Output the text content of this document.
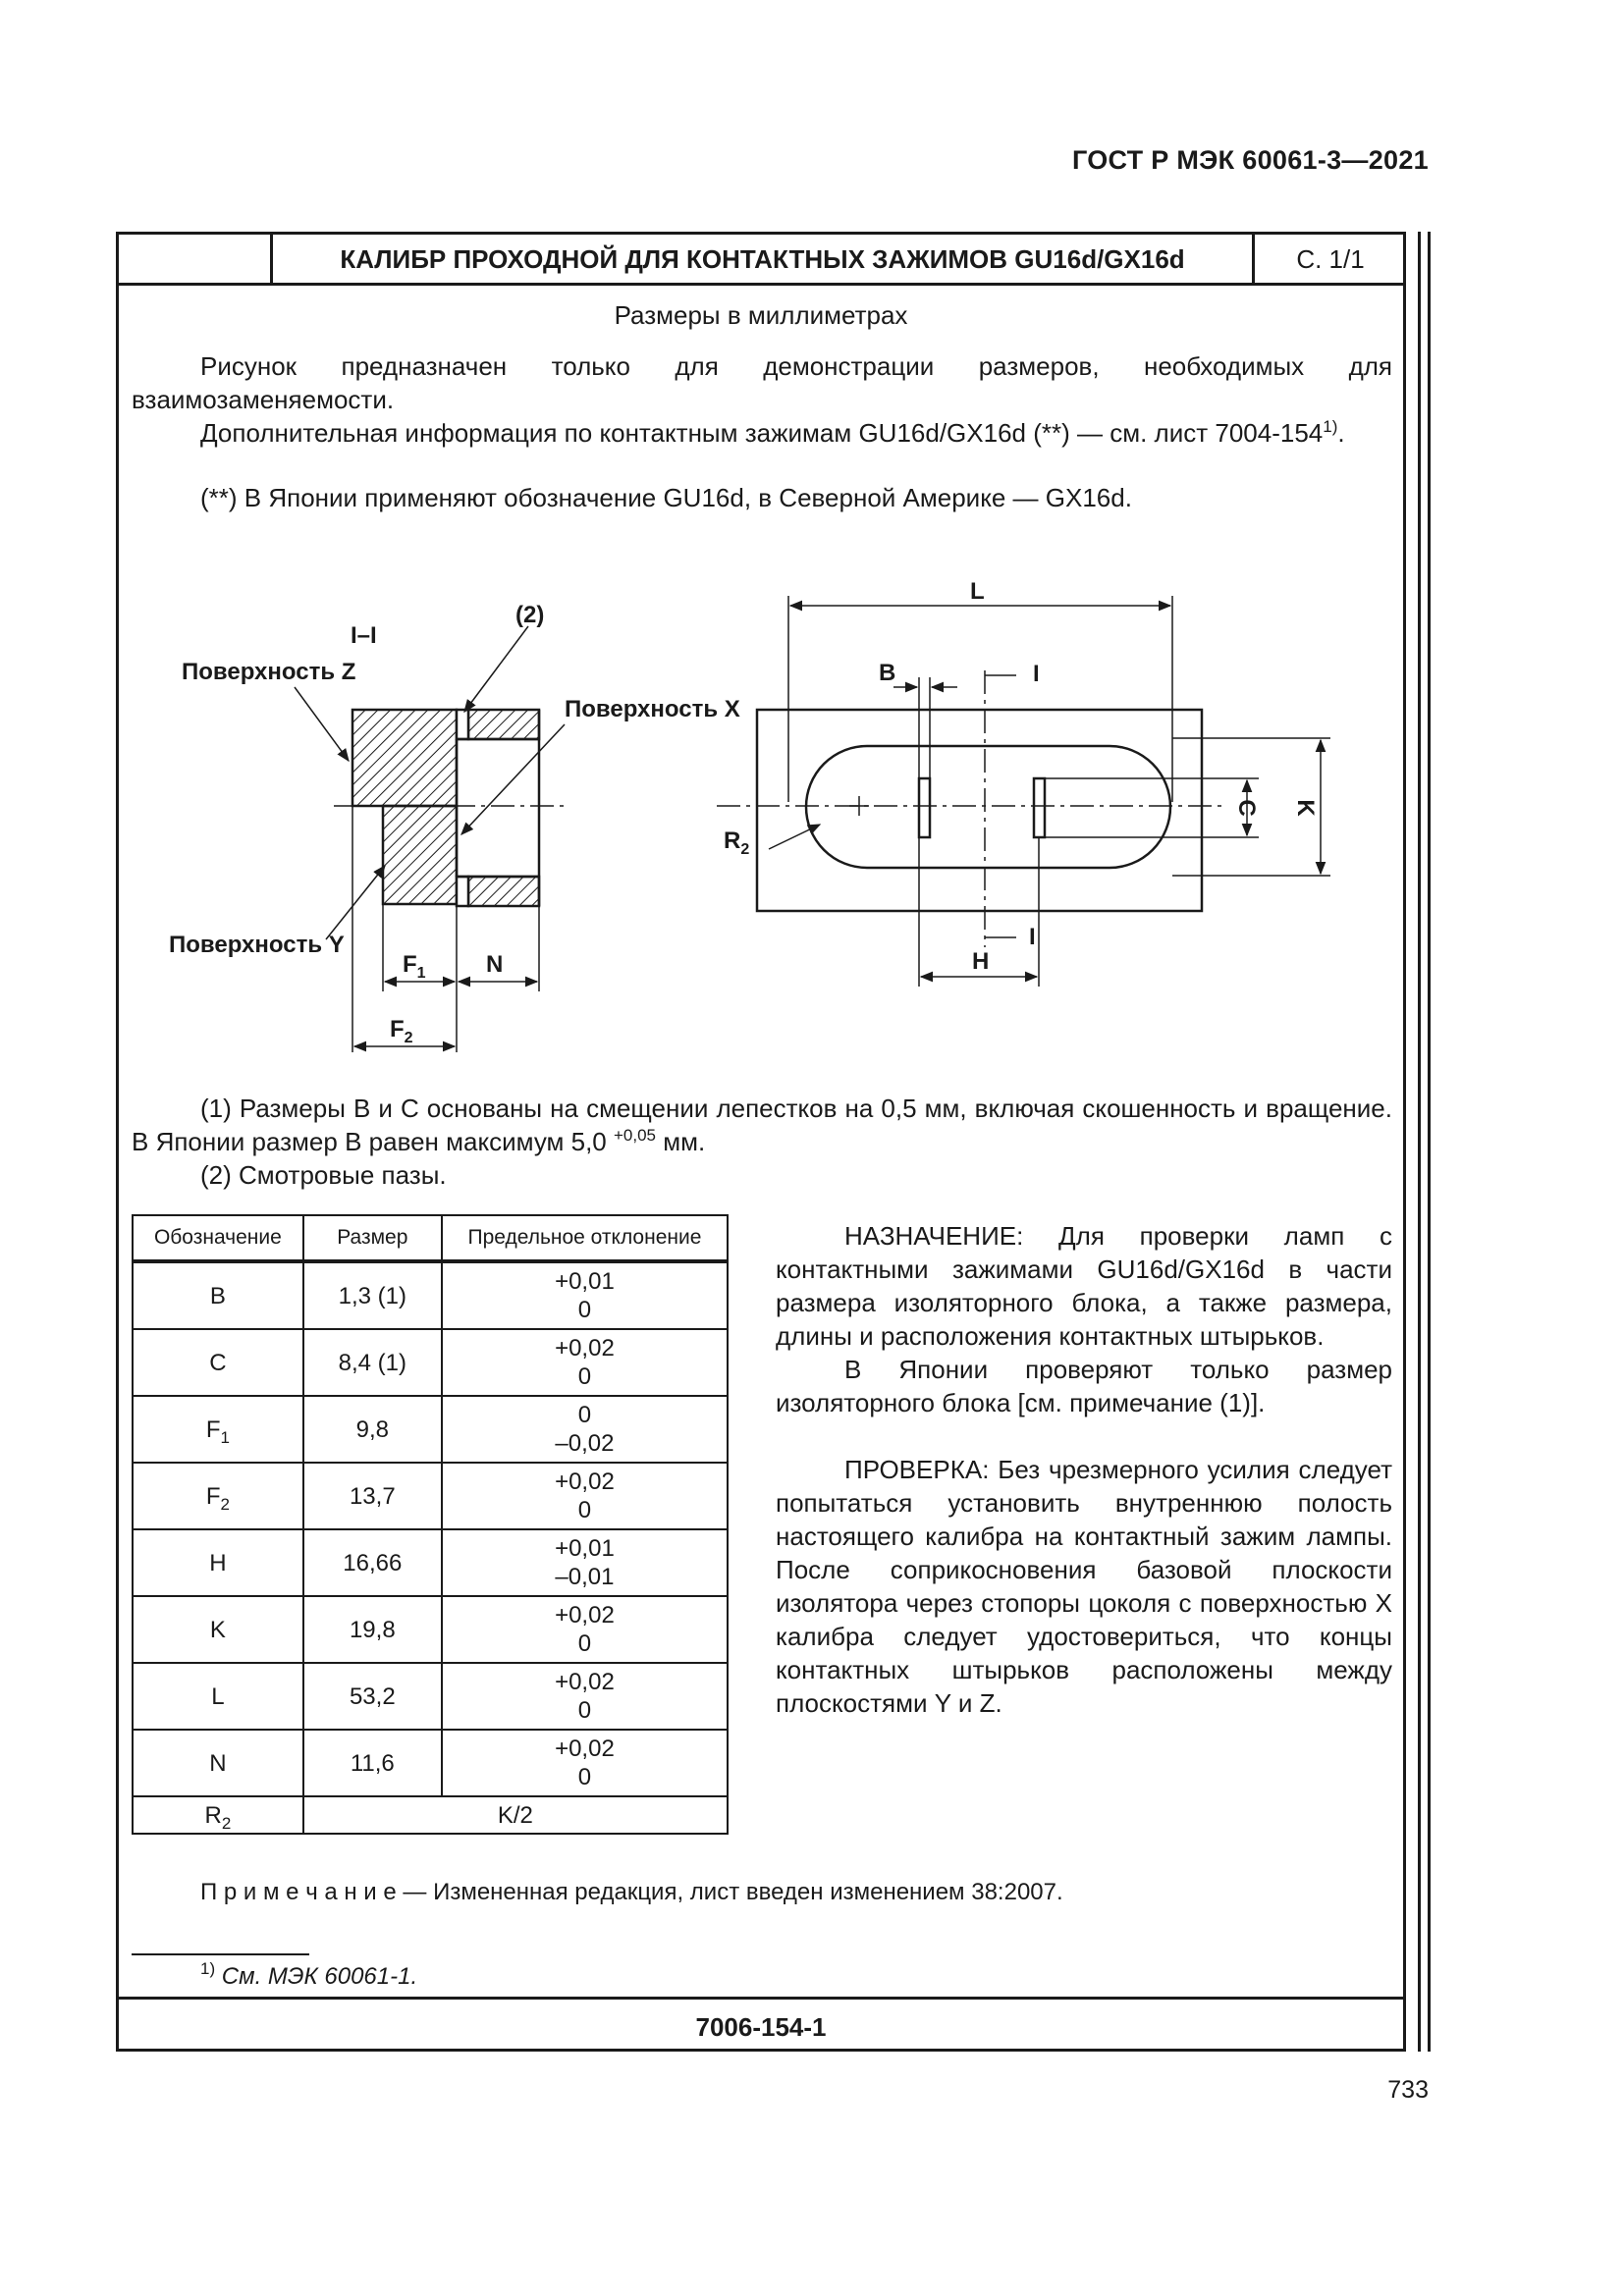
ГОСТ Р МЭК 60061-3—2021
КАЛИБР ПРОХОДНОЙ ДЛЯ КОНТАКТНЫХ ЗАЖИМОВ GU16d/GX16d	С. 1/1
Размеры в миллиметрах

Рисунок предназначен только для демонстрации размеров, необходимых для взаимозаменяемости.

Дополнительная информация по контактным зажимам GU16d/GX16d (**) — см. лист 7004-154$^{1)}$.

(**) В Японии применяют обозначение GU16d, в Северной Америке — GX16d.
I–I
Поверхность Z
(2)
Поверхность X
Поверхность Y
$F_1$	N
$F_2$
L
B	I
I
H
$R_2$
C K

(1) Размеры B и C основаны на смещении лепестков на 0,5 мм, включая скошенность и вращение. В Японии размер B равен максимум 5,0 $^{+0,05}$ мм.

(2) Смотровые пазы.

Обозначение	Размер	Предельное отклонение
B	1,3 (1)	+0,01
0

C	8,4 (1)	+0,02
0

$F_1$	9,8	0
–0,02

$F_2$	13,7	+0,02
0

H	16,66	+0,01
–0,01

K	19,8	+0,02
0

L	53,2	+0,02
0

N	11,6	+0,02
0

$R_2$	K/2	

НАЗНАЧЕНИЕ: Для проверки ламп с контактными зажимами GU16d/GX16d в части размера изоляторного блока, а также размера, длины и расположения контактных штырьков.

В Японии проверяют только размер изоляторного блока [см. примечание (1)].

ПРОВЕРКА: Без чрезмерного усилия следует попытаться установить внутреннюю полость настоящего калибра на контактный зажим лампы. После соприкосновения базовой плоскости изолятора через стопоры цоколя с поверхностью X калибра следует удостовериться, что концы контактных штырьков расположены между плоскостями Y и Z.

П р и м е ч а н и е — Измененная редакция, лист введен изменением 38:2007.
$^{1)}$ См. МЭК 60061-1.
7006-154-1
733
